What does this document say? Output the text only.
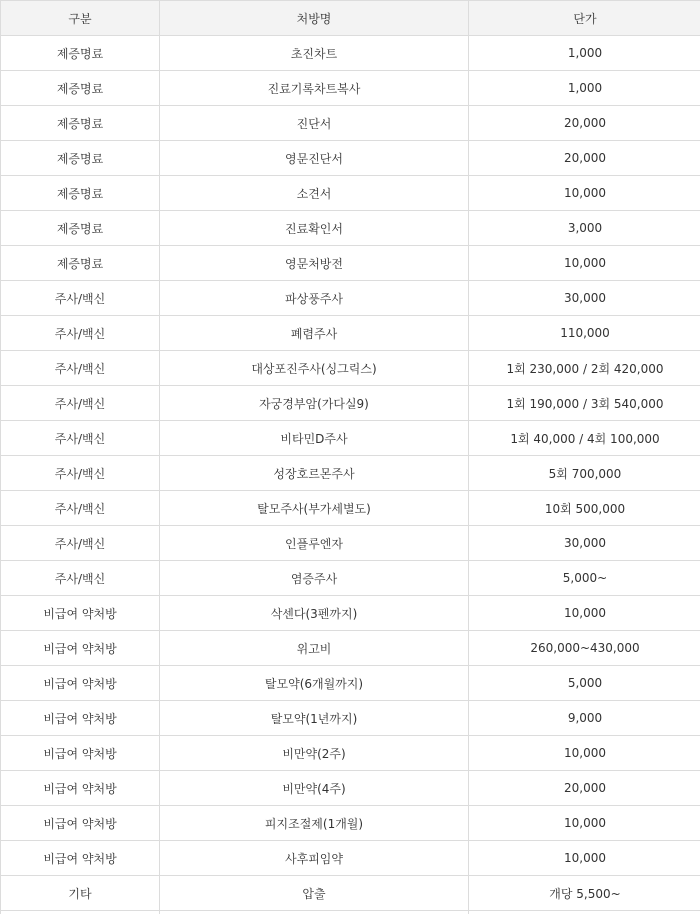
구분	처방명	단가
제증명료	초진차트	1,000
제증명료	진료기록차트복사	1,000
제증명료	진단서	20,000
제증명료	영문진단서	20,000
제증명료	소견서	10,000
제증명료	진료확인서	3,000
제증명료	영문처방전	10,000
주사/백신	파상풍주사	30,000
주사/백신	폐렴주사	110,000
주사/백신	대상포진주사(싱그릭스)	1회 230,000 / 2회 420,000
주사/백신	자궁경부암(가다실9)	1회 190,000 / 3회 540,000
주사/백신	비타민D주사	1회 40,000 / 4회 100,000
주사/백신	성장호르몬주사	5회 700,000
주사/백신	탈모주사(부가세별도)	10회 500,000
주사/백신	인플루엔자	30,000
주사/백신	염증주사	5,000~
비급여 약처방	삭센다(3펜까지)	10,000
비급여 약처방	위고비	260,000~430,000
비급여 약처방	탈모약(6개월까지)	5,000
비급여 약처방	탈모약(1년까지)	9,000
비급여 약처방	비만약(2주)	10,000
비급여 약처방	비만약(4주)	20,000
비급여 약처방	피지조절제(1개월)	10,000
비급여 약처방	사후피임약	10,000
기타	압출	개당 5,500~
